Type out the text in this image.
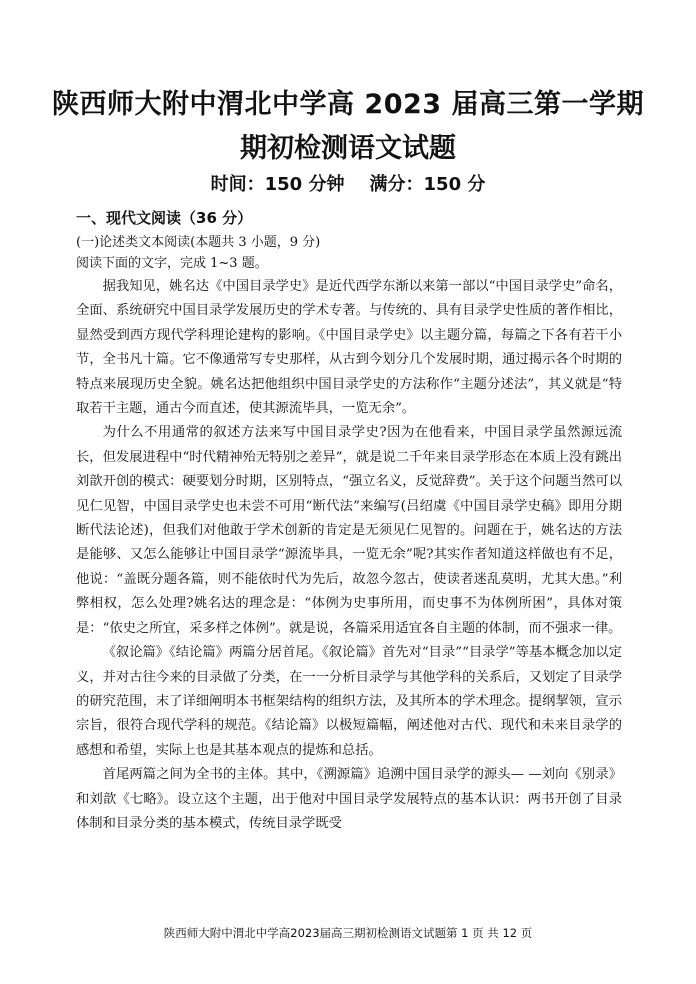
陕西师大附中渭北中学高 2023 届高三第一学期
期初检测语文试题
时间：150 分钟 满分：150 分
一、现代文阅读（36 分）
(一)论述类文本阅读(本题共 3 小题，9 分)
阅读下面的文字，完成 1~3 题。

据我知见，姚名达《中国目录学史》是近代西学东渐以来第一部以“中国目录学史”命名，全面、系统研究中国目录学发展历史的学术专著。与传统的、具有目录学史性质的著作相比，显然受到西方现代学科理论建构的影响。《中国目录学史》以主题分篇，每篇之下各有若干小节，全书凡十篇。它不像通常写专史那样，从古到今划分几个发展时期，通过揭示各个时期的特点来展现历史全貌。姚名达把他组织中国目录学史的方法称作“主题分述法”，其义就是“特取若干主题，通古今而直述，使其源流毕具，一览无余”。

为什么不用通常的叙述方法来写中国目录学史?因为在他看来，中国目录学虽然源远流长，但发展进程中“时代精神殆无特别之差异”，就是说二千年来目录学形态在本质上没有跳出刘歆开创的模式：硬要划分时期，区别特点，“强立名义，反觉辞费”。关于这个问题当然可以见仁见智，中国目录学史也未尝不可用“断代法”来编写(吕绍虞《中国目录学史稿》即用分期断代法论述)，但我们对他敢于学术创新的肯定是无须见仁见智的。问题在于，姚名达的方法是能够、又怎么能够让中国目录学“源流毕具，一览无余”呢?其实作者知道这样做也有不足，他说：“盖既分题各篇，则不能依时代为先后，故忽今忽古，使读者迷乱莫明，尤其大患。”利弊相权，怎么处理?姚名达的理念是：“体例为史事所用，而史事不为体例所困”，具体对策是：“依史之所宜，采多样之体例”。就是说，各篇采用适宜各自主题的体制，而不强求一律。

《叙论篇》《结论篇》两篇分居首尾。《叙论篇》首先对“目录”“目录学”等基本概念加以定义，并对古往今来的目录做了分类，在一一分析目录学与其他学科的关系后，又划定了目录学的研究范围，末了详细阐明本书框架结构的组织方法，及其所本的学术理念。提纲挈领，宣示宗旨，很符合现代学科的规范。《结论篇》以极短篇幅，阐述他对古代、现代和未来目录学的感想和希望，实际上也是其基本观点的提炼和总括。

首尾两篇之间为全书的主体。其中，《溯源篇》追溯中国目录学的源头— —刘向《别录》和刘歆《七略》。设立这个主题，出于他对中国目录学发展特点的基本认识：两书开创了目录体制和目录分类的基本模式，传统目录学既受

陕西师大附中渭北中学高2023届高三期初检测语文试题第 1 页 共 12 页
